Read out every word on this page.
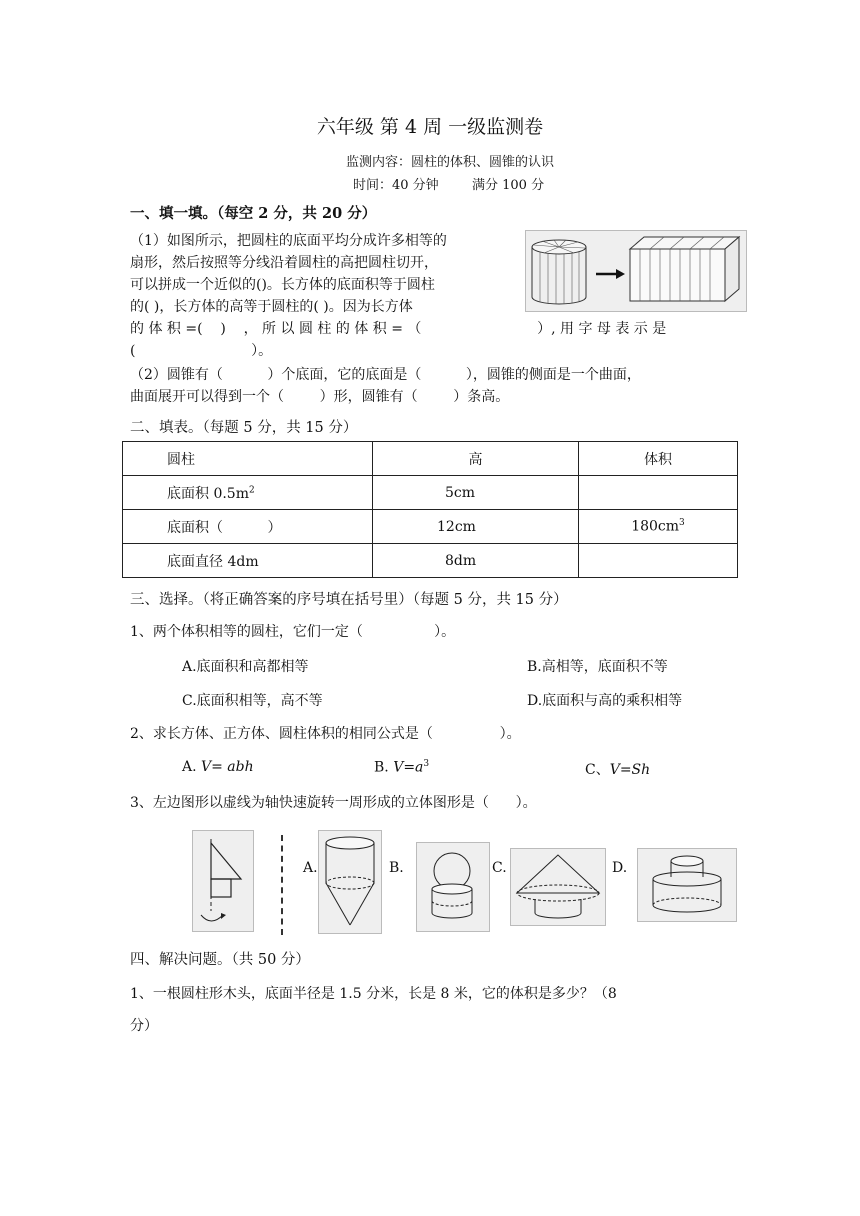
六年级 第 4 周 一级监测卷
监测内容：圆柱的体积、圆锥的认识
时间：40 分钟	满分 100 分
一、填一填。（每空 2 分，共 20 分）
（1）如图所示，把圆柱的底面平均分成许多相等的
扇形，然后按照等分线沿着圆柱的高把圆柱切开，
可以拼成一个近似的()。长方体的底面积等于圆柱
的( )，长方体的高等于圆柱的( )。因为长方体
的 体 积 =(    )    ， 所 以 圆 柱 的 体 积 = （                          ）, 用 字 母 表 示 是
(                          ）。
（2）圆锥有（          ）个底面，它的底面是（          ），圆锥的侧面是一个曲面，
曲面展开可以得到一个（        ）形，圆锥有（        ）条高。
二、填表。（每题 5 分，共 15 分）
圆柱	高	体积
底面积 $0.5m^2$	5cm	
底面积（          ）	12cm	$180cm^3$
底面直径 4dm	8dm	
三、选择。（将正确答案的序号填在括号里）（每题 5 分，共 15 分）
1、两个体积相等的圆柱，它们一定（                ）。
A.底面积和高都相等	B.高相等，底面积不等
C.底面积相等，高不等	D.底面积与高的乘积相等
2、求长方体、正方体、圆柱体积的相同公式是（               ）。
A. V= abh	B. $V=a^3$	C、V=Sh
3、左边图形以虚线为轴快速旋转一周形成的立体图形是（      ）。
A.	B.	C.	D.
四、解决问题。（共 50 分）
1、一根圆柱形木头，底面半径是 1.5 分米，长是 8 米，它的体积是多少？（8
分）
